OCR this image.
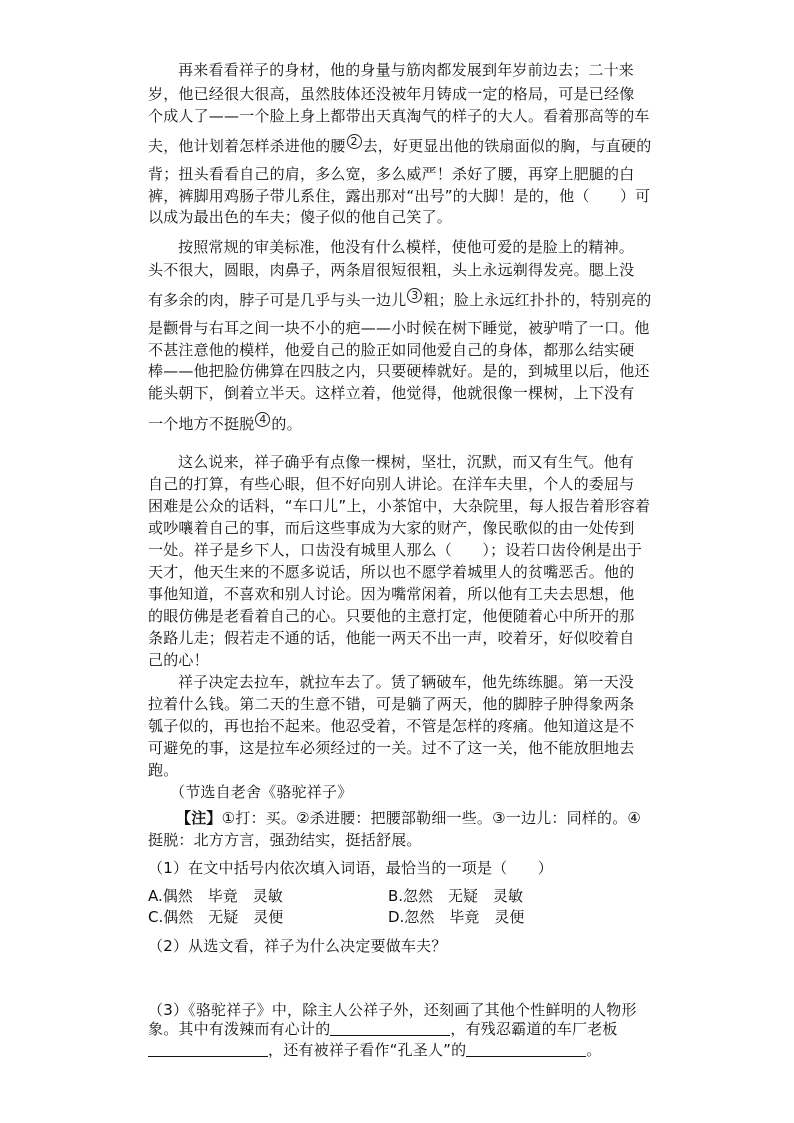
再来看看祥子的身材，他的身量与筋肉都发展到年岁前边去；二十来
岁，他已经很大很高，虽然肢体还没被年月铸成一定的格局，可是已经像
个成人了——一个脸上身上都带出天真淘气的样子的大人。看着那高等的车
夫，他计划着怎样杀进他的腰 2 去，好更显出他的铁扇面似的胸，与直硬的
背；扭头看看自己的肩，多么宽，多么威严！杀好了腰，再穿上肥腿的白
裤，裤脚用鸡肠子带儿系住，露出那对“出号”的大脚！是的，他（　　）可
以成为最出色的车夫；傻子似的他自己笑了。
按照常规的审美标准，他没有什么模样，使他可爱的是脸上的精神。
头不很大，圆眼，肉鼻子，两条眉很短很粗，头上永远剃得发亮。腮上没
有多余的肉，脖子可是几乎与头一边儿 3 粗；脸上永远红扑扑的，特别亮的
是颧骨与右耳之间一块不小的疤——小时候在树下睡觉，被驴啃了一口。他
不甚注意他的模样，他爱自己的脸正如同他爱自己的身体，都那么结实硬
棒——他把脸仿佛算在四肢之内，只要硬棒就好。是的，到城里以后，他还
能头朝下，倒着立半天。这样立着，他觉得，他就很像一棵树，上下没有
一个地方不挺脱 4 的。
这么说来，祥子确乎有点像一棵树，坚壮，沉默，而又有生气。他有
自己的打算，有些心眼，但不好向别人讲论。在洋车夫里，个人的委屈与
困难是公众的话料，“车口儿”上，小茶馆中，大杂院里，每人报告着形容着
或吵嚷着自己的事，而后这些事成为大家的财产，像民歌似的由一处传到
一处。祥子是乡下人，口齿没有城里人那么（　　）；设若口齿伶俐是出于
天才，他天生来的不愿多说话，所以也不愿学着城里人的贫嘴恶舌。他的
事他知道，不喜欢和别人讨论。因为嘴常闲着，所以他有工夫去思想，他
的眼仿佛是老看着自己的心。只要他的主意打定，他便随着心中所开的那
条路儿走；假若走不通的话，他能一两天不出一声，咬着牙，好似咬着自
己的心！
祥子决定去拉车，就拉车去了。赁了辆破车，他先练练腿。第一天没
拉着什么钱。第二天的生意不错，可是躺了两天，他的脚脖子肿得象两条
瓠子似的，再也抬不起来。他忍受着，不管是怎样的疼痛。他知道这是不
可避免的事，这是拉车必须经过的一关。过不了这一关，他不能放胆地去
跑。
（节选自老舍《骆驼祥子》
【注】①打：买。②杀进腰：把腰部勒细一些。③一边儿：同样的。④
挺脱：北方方言，强劲结实，挺括舒展。
（1）在文中括号内依次填入词语，最恰当的一项是（　　）
A.偶然　毕竟　灵敏	B.忽然　无疑　灵敏
C.偶然　无疑　灵便	D.忽然　毕竟　灵便
（2）从选文看，祥子为什么决定要做车夫？
（3）《骆驼祥子》中，除主人公祥子外，还刻画了其他个性鲜明的人物形
象。其中有泼辣而有心计的	，有残忍霸道的车厂老板
，还有被祥子看作“孔圣人”的	。
